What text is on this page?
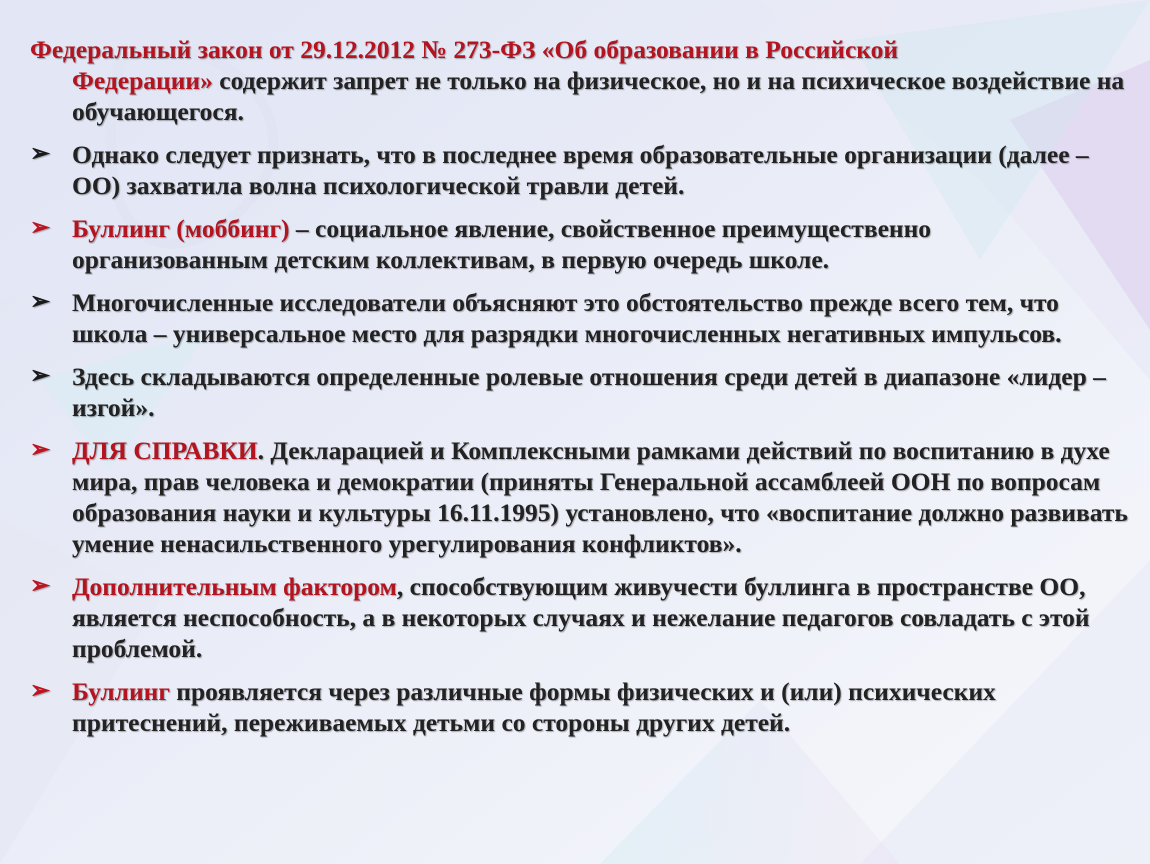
Федеральный закон от 29.12.2012 № 273-ФЗ «Об образовании в Российской
Федерации» содержит запрет не только на физическое, но и на психическое воздействие на обучающегося.

➢ Однако следует признать, что в последнее время образовательные организации (далее – ОО) захватила волна психологической травли детей.

➢ Буллинг (моббинг) – социальное явление, свойственное преимущественно организованным детским коллективам, в первую очередь школе.

➢ Многочисленные исследователи объясняют это обстоятельство прежде всего тем, что школа – универсальное место для разрядки многочисленных негативных импульсов.

➢ Здесь складываются определенные ролевые отношения среди детей в диапазоне «лидер – изгой».

➢ ДЛЯ СПРАВКИ. Декларацией и Комплексными рамками действий по воспитанию в духе мира, прав человека и демократии (приняты Генеральной ассамблеей ООН по вопросам образования науки и культуры 16.11.1995) установлено, что «воспитание должно развивать умение ненасильственного урегулирования конфликтов».

➢ Дополнительным фактором, способствующим живучести буллинга в пространстве ОО, является неспособность, а в некоторых случаях и нежелание педагогов совладать с этой проблемой.

➢ Буллинг проявляется через различные формы физических и (или) психических притеснений, переживаемых детьми со стороны других детей.
